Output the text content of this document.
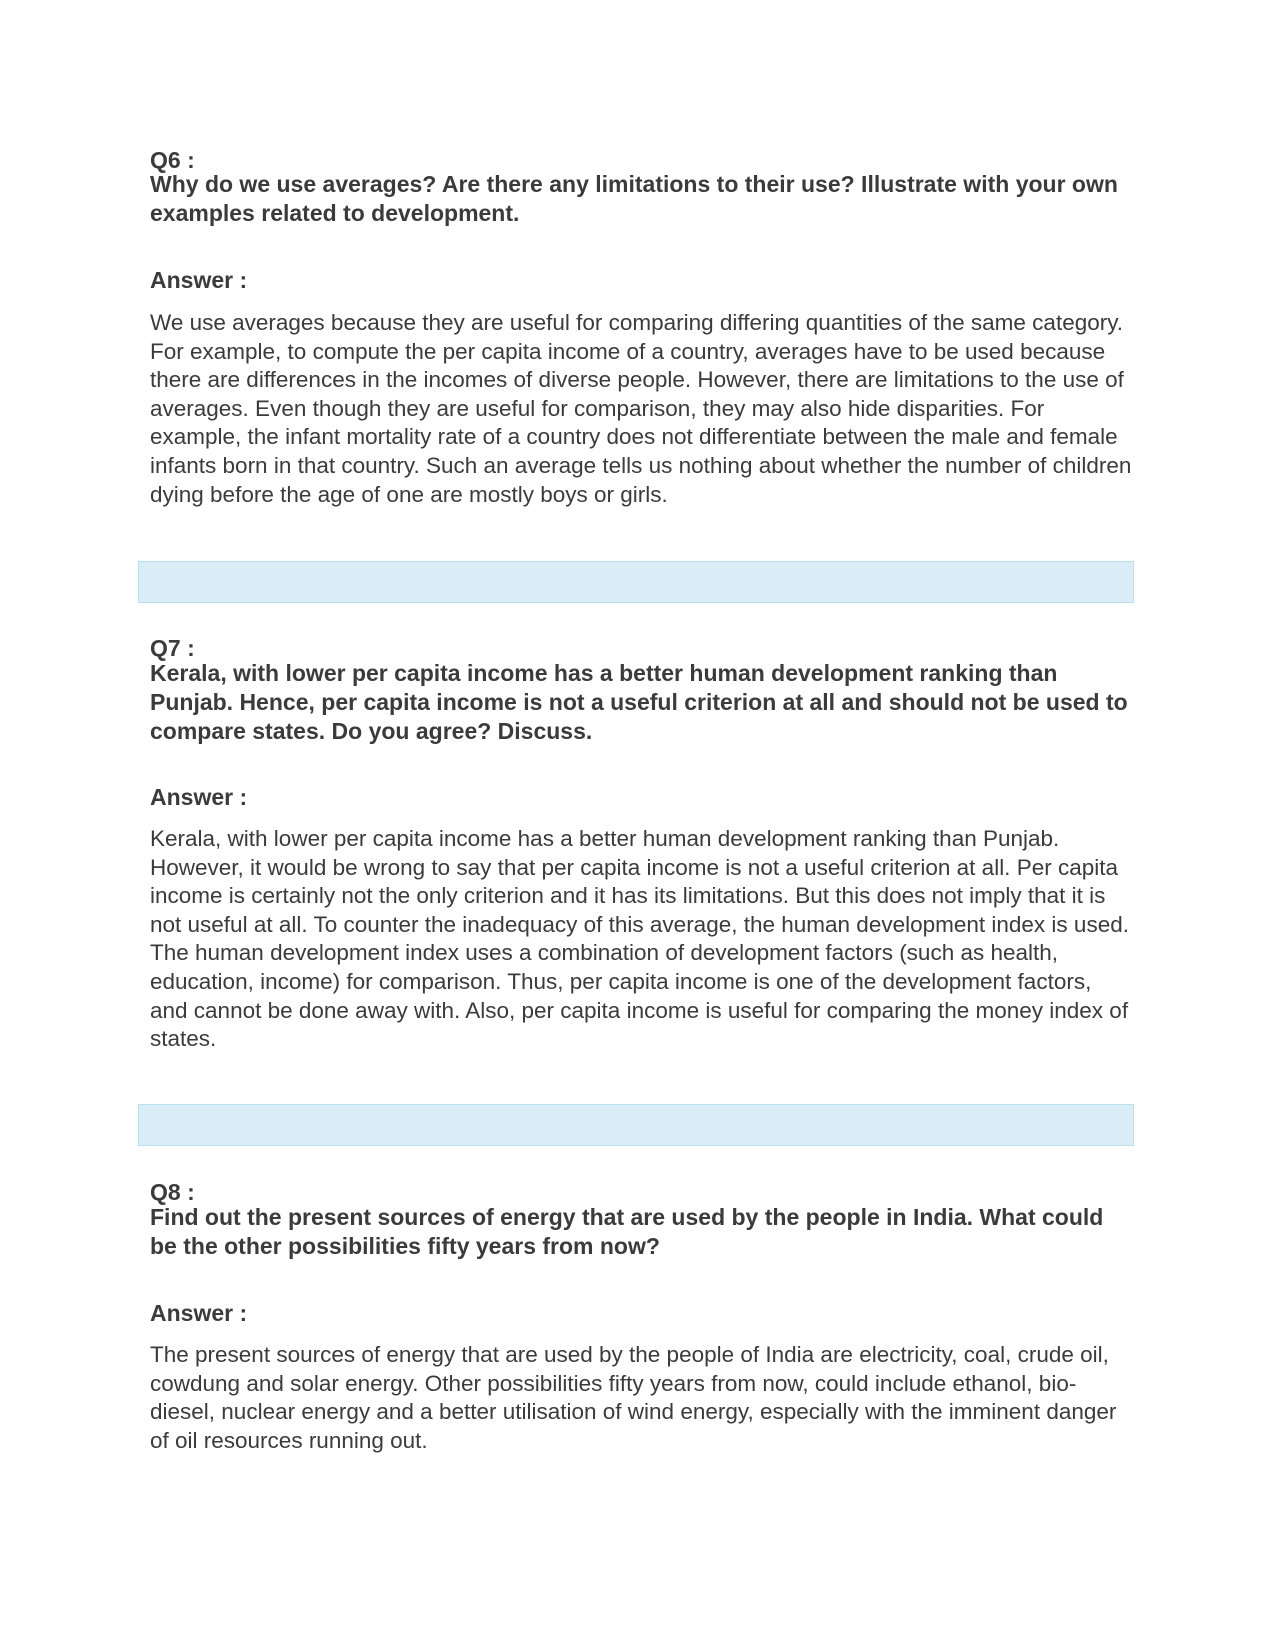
Q6 :
Why do we use averages? Are there any limitations to their use? Illustrate with your own examples related to development.
Answer :
We use averages because they are useful for comparing differing quantities of the same category. For example, to compute the per capita income of a country, averages have to be used because there are differences in the incomes of diverse people. However, there are limitations to the use of averages. Even though they are useful for comparison, they may also hide disparities. For example, the infant mortality rate of a country does not differentiate between the male and female infants born in that country. Such an average tells us nothing about whether the number of children dying before the age of one are mostly boys or girls.
Q7 :
Kerala, with lower per capita income has a better human development ranking than Punjab. Hence, per capita income is not a useful criterion at all and should not be used to compare states. Do you agree? Discuss.
Answer :
Kerala, with lower per capita income has a better human development ranking than Punjab. However, it would be wrong to say that per capita income is not a useful criterion at all. Per capita income is certainly not the only criterion and it has its limitations. But this does not imply that it is not useful at all. To counter the inadequacy of this average, the human development index is used. The human development index uses a combination of development factors (such as health, education, income) for comparison. Thus, per capita income is one of the development factors, and cannot be done away with. Also, per capita income is useful for comparing the money index of states.
Q8 :
Find out the present sources of energy that are used by the people in India. What could be the other possibilities fifty years from now?
Answer :
The present sources of energy that are used by the people of India are electricity, coal, crude oil, cowdung and solar energy. Other possibilities fifty years from now, could include ethanol, bio-diesel, nuclear energy and a better utilisation of wind energy, especially with the imminent danger of oil resources running out.
